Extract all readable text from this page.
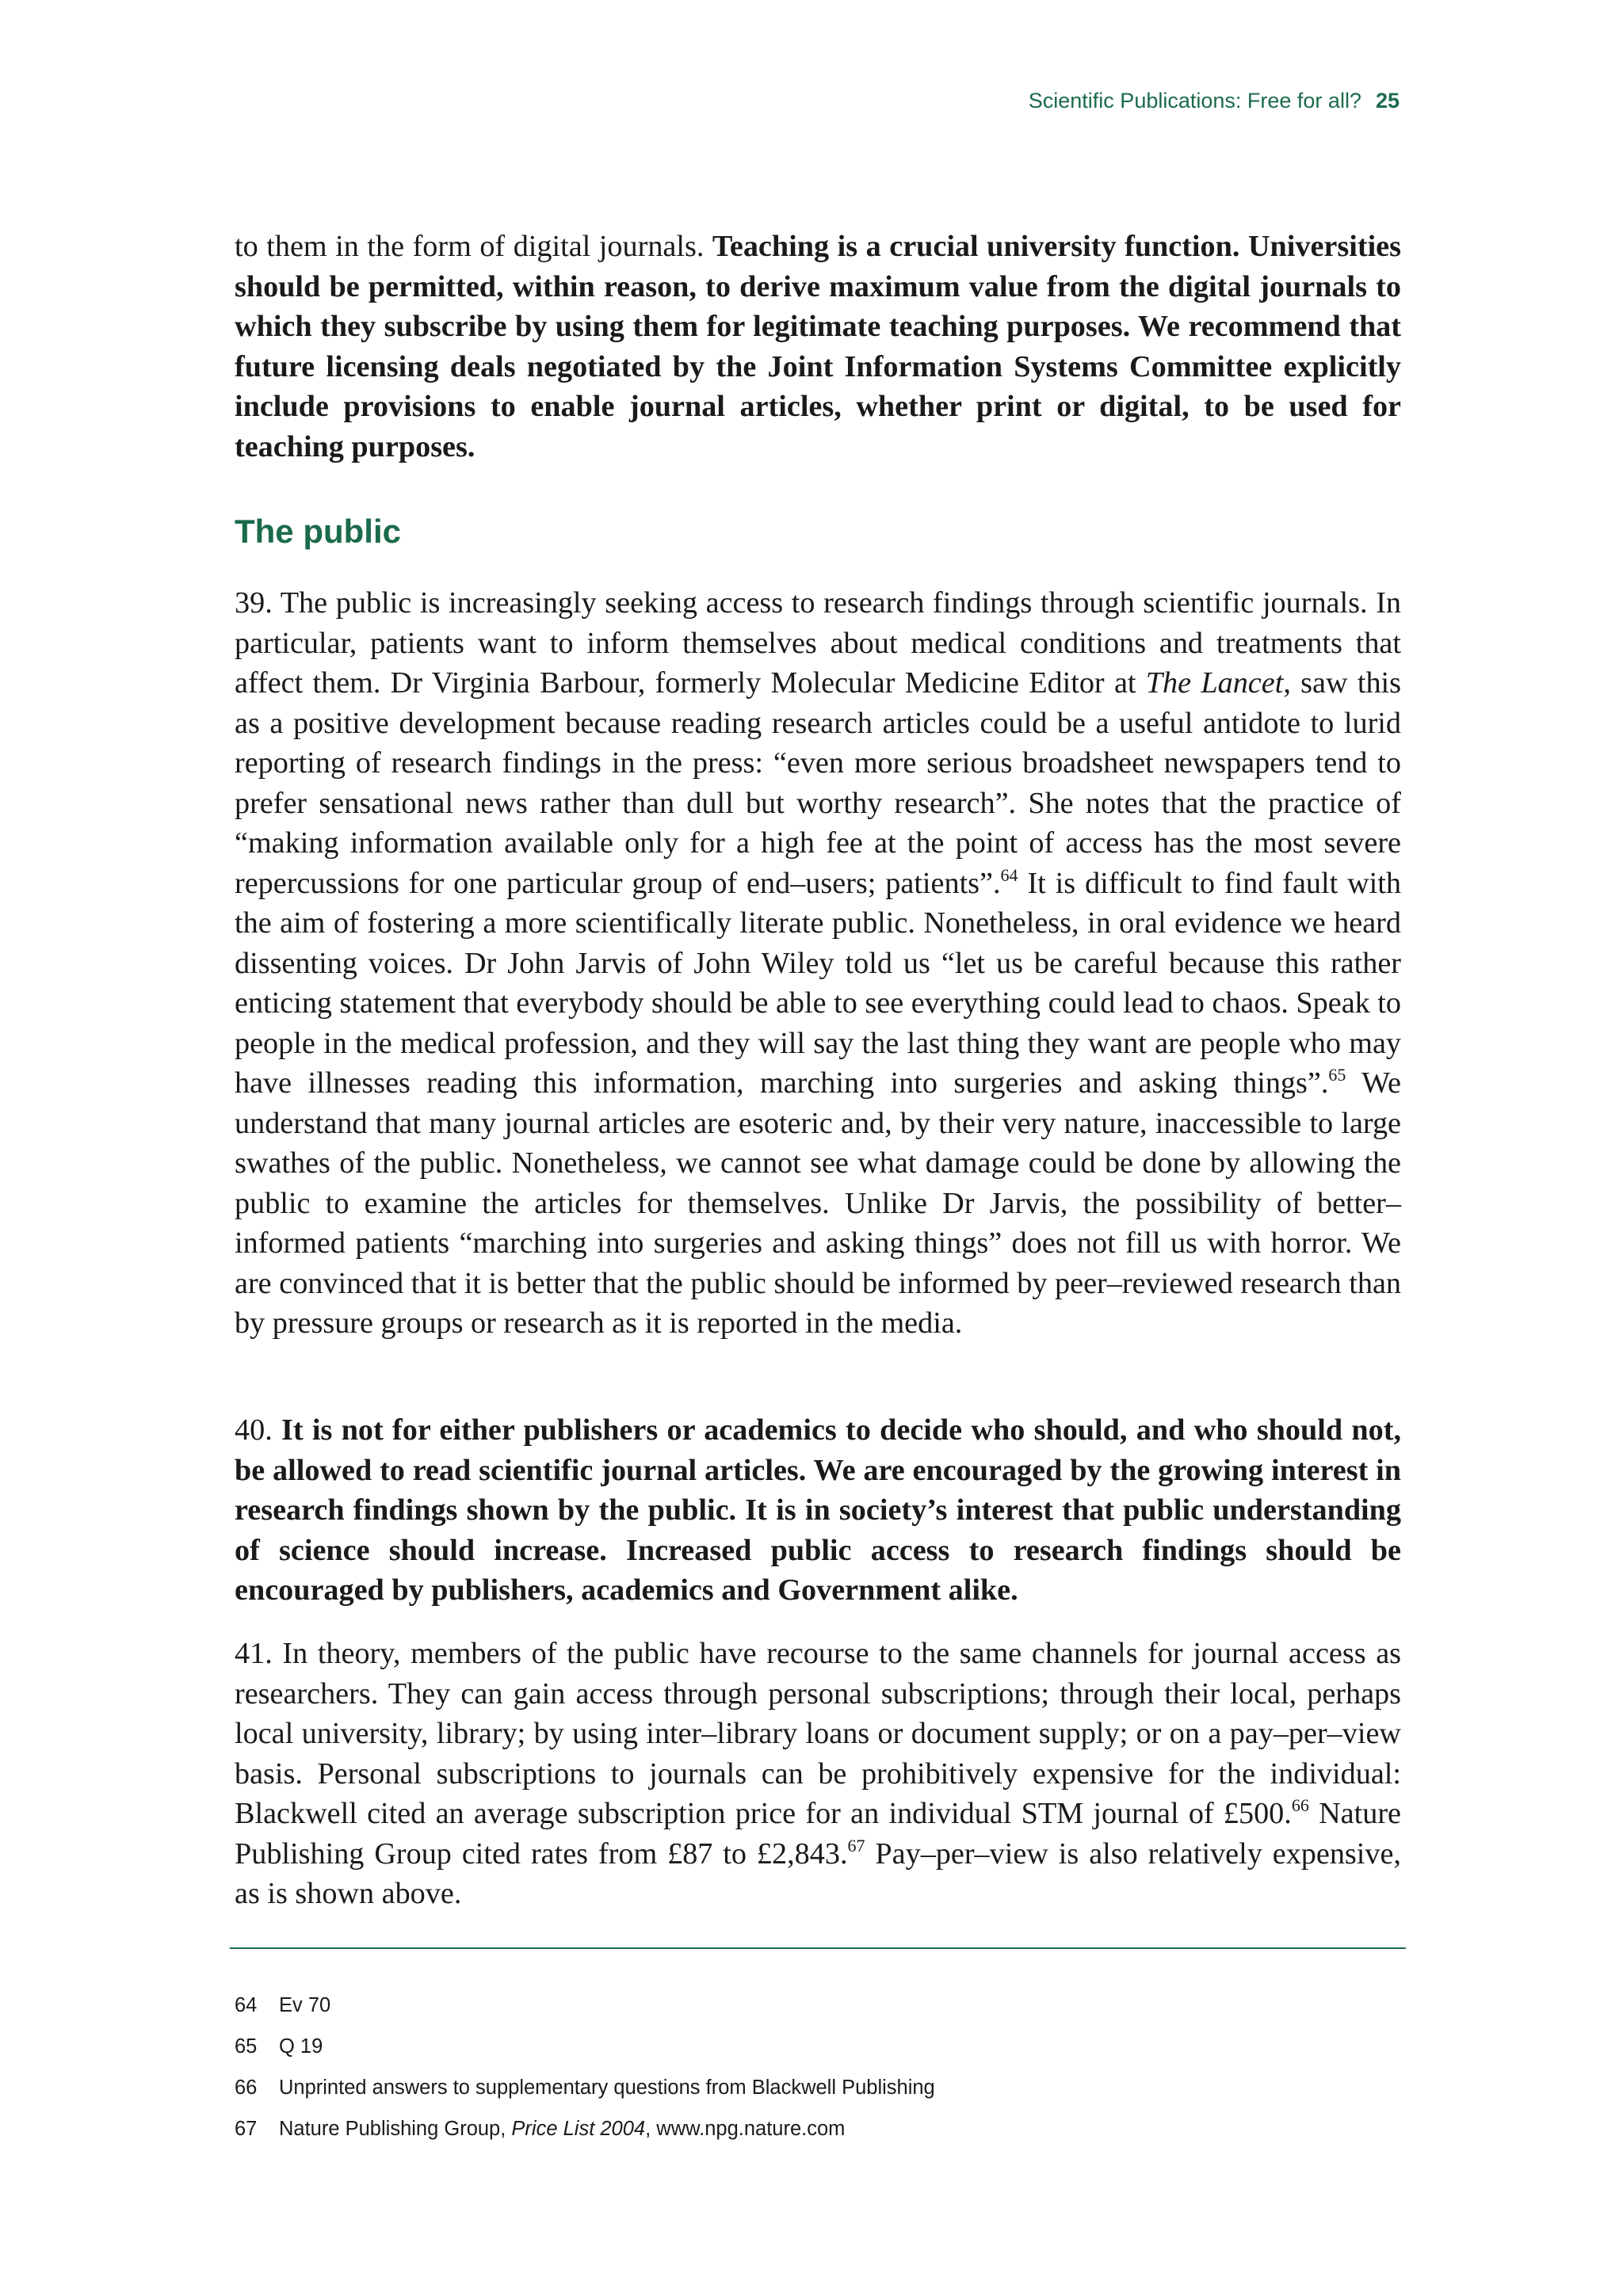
Scientific Publications: Free for all? 25

to them in the form of digital journals. Teaching is a crucial university function. Universities should be permitted, within reason, to derive maximum value from the digital journals to which they subscribe by using them for legitimate teaching purposes. We recommend that future licensing deals negotiated by the Joint Information Systems Committee explicitly include provisions to enable journal articles, whether print or digital, to be used for teaching purposes.

The public

39. The public is increasingly seeking access to research findings through scientific journals. In particular, patients want to inform themselves about medical conditions and treatments that affect them. Dr Virginia Barbour, formerly Molecular Medicine Editor at The Lancet, saw this as a positive development because reading research articles could be a useful antidote to lurid reporting of research findings in the press: “even more serious broadsheet newspapers tend to prefer sensational news rather than dull but worthy research”. She notes that the practice of “making information available only for a high fee at the point of access has the most severe repercussions for one particular group of end–users; patients”.$^{64}$ It is difficult to find fault with the aim of fostering a more scientifically literate public. Nonetheless, in oral evidence we heard dissenting voices. Dr John Jarvis of John Wiley told us “let us be careful because this rather enticing statement that everybody should be able to see everything could lead to chaos. Speak to people in the medical profession, and they will say the last thing they want are people who may have illnesses reading this information, marching into surgeries and asking things”.$^{65}$ We understand that many journal articles are esoteric and, by their very nature, inaccessible to large swathes of the public. Nonetheless, we cannot see what damage could be done by allowing the public to examine the articles for themselves. Unlike Dr Jarvis, the possibility of better–informed patients “marching into surgeries and asking things” does not fill us with horror. We are convinced that it is better that the public should be informed by peer–reviewed research than by pressure groups or research as it is reported in the media.

40. It is not for either publishers or academics to decide who should, and who should not, be allowed to read scientific journal articles. We are encouraged by the growing interest in research findings shown by the public. It is in society’s interest that public understanding of science should increase. Increased public access to research findings should be encouraged by publishers, academics and Government alike.

41. In theory, members of the public have recourse to the same channels for journal access as researchers. They can gain access through personal subscriptions; through their local, perhaps local university, library; by using inter–library loans or document supply; or on a pay–per–view basis. Personal subscriptions to journals can be prohibitively expensive for the individual: Blackwell cited an average subscription price for an individual STM journal of £500.66 Nature Publishing Group cited rates from £87 to £2,843.67 Pay–per–view is also relatively expensive, as is shown above.

64	Ev 70
65	Q 19
66	Unprinted answers to supplementary questions from Blackwell Publishing
67	Nature Publishing Group, Price List 2004, www.npg.nature.com
